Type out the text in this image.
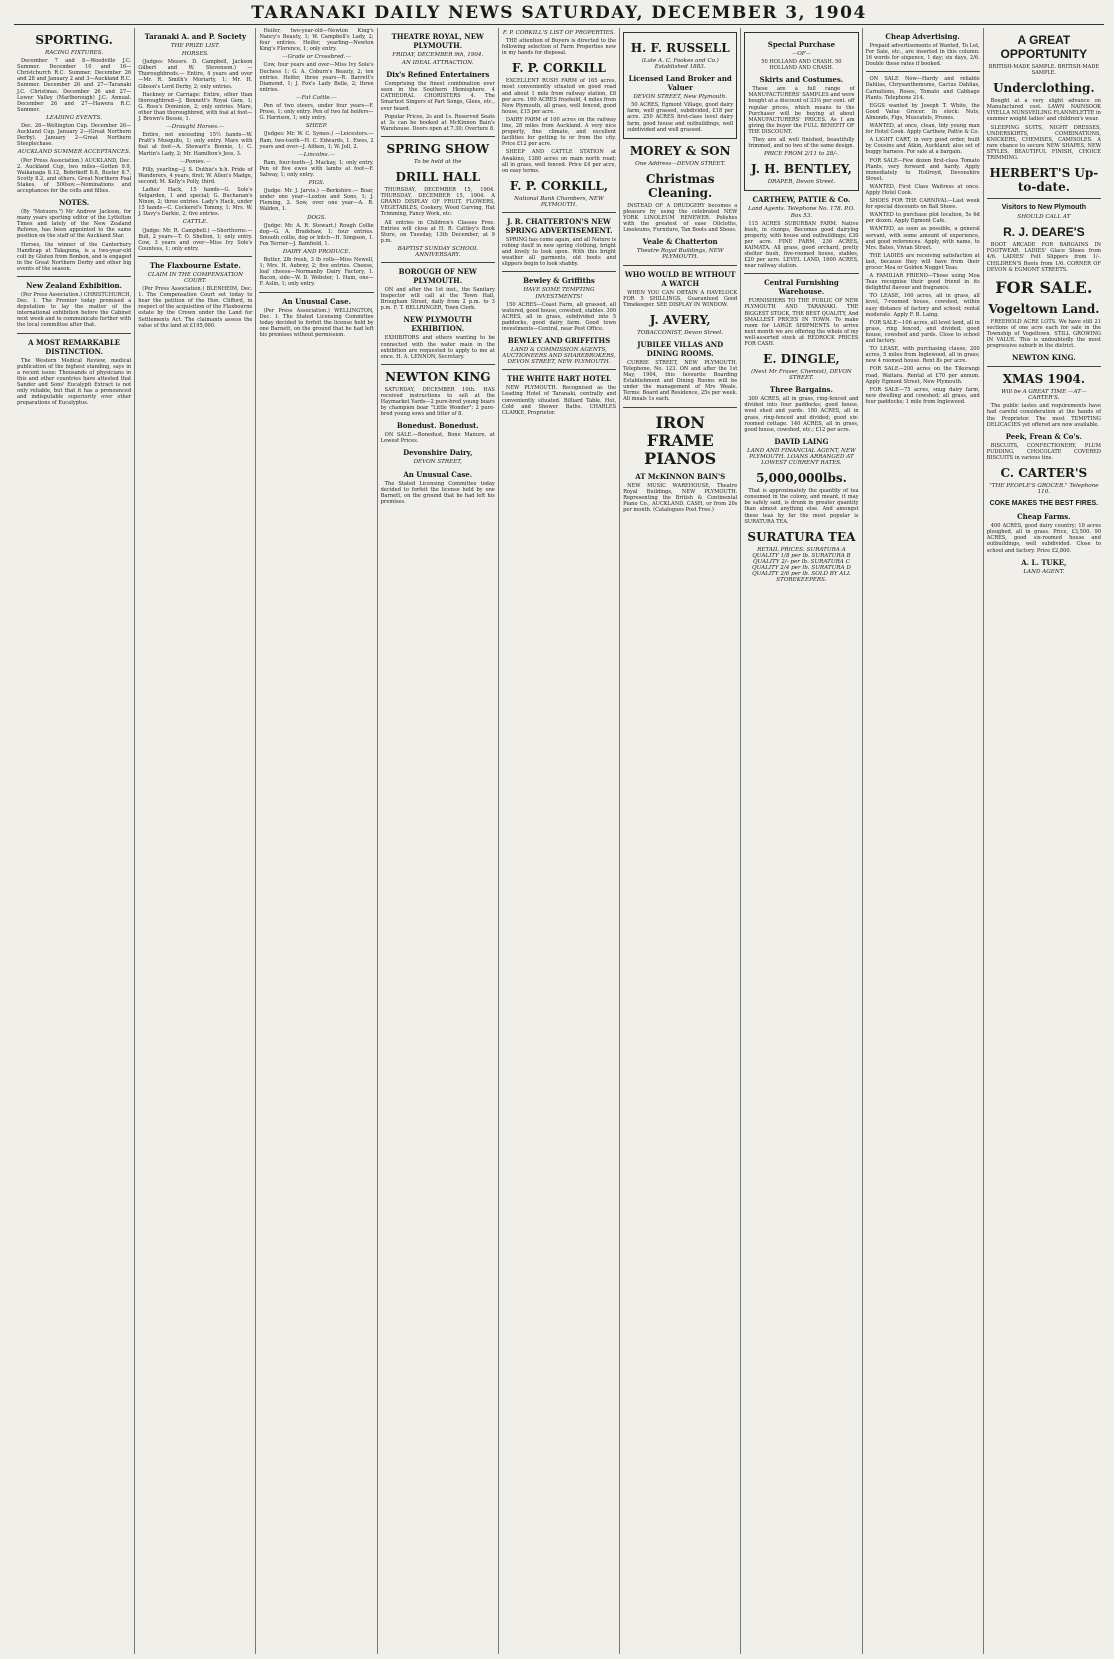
TARANAKI DAILY NEWS SATURDAY, DECEMBER 3, 1904
SPORTING.
RACING FIXTURES.

December 7 and 8—Woodville J.C. Summer. December 10 and 16—Christchurch R.C. Summer. December 26 and 28 and January 2 and 3—Auckland R.C. Summer. December 26 and 27—Taranaki J.C. Christmas. December 26 and 27—Lower Valley (Marlborough) J.C. Annual. December 26 and 27—Hawera R.C. Summer.

LEADING EVENTS.

Dec. 26—Wellington Cup. December 26—Auckland Cup. January 2—(Great Northern Derby). January 2—Great Northern Steeplechase.

AUCKLAND SUMMER ACCEPTANCES.

(Per Press Association.) AUCKLAND, Dec. 2. Auckland Cup, two miles—Gotten 9.9, Waikanaga 8.12, Bobrikoff 8.8, Buster 8.7, Scotty 8.2, and others. Great Northern Foal Stakes, of 500sov.—Nominations and acceptances for the colts and fillies.

NOTES.

(By "Motuoro.") Mr Andrew Jackson, for many years sporting editor of the Lyttelton Times and lately of the New Zealand Referee, has been appointed to the same position on the staff of the Auckland Star.

Horses, the winner of the Canterbury Handicap at Takapuna, is a two-year-old colt by Gluten from Bonbon, and is engaged in the Great Northern Derby and other big events of the season.

New Zealand Exhibition.

(Per Press Association.) CHRISTCHURCH, Dec. 1. The Premier today promised a deputation to lay the matter of the international exhibition before the Cabinet next week and to communicate further with the local committee after that.

A MOST REMARKABLE DISTINCTION.

The Western Medical Review, medical publication of the highest standing, says in a recent issue: Thousands of physicians in this and other countries have attested that Sander and Sons' Eucalypti Extract is not only reliable, but that it has a pronounced and indisputable superiority over other preparations of Eucalyptus.

Taranaki A. and P. Society
THE PRIZE LIST.
HORSES.

(Judges: Messrs. D. Campbell, Jackson Gilbert and W. Stevenson.) —Thoroughbreds.— Entire, 4 years and over—Mr. R. Smith's Moriarty, 1; Mr. H. Gibson's Lord Derby, 2; only entries.

Hackney or Carriage: Entire, other than thoroughbred—J. Bennett's Royal Gem, 1; G. Ross's Dominion, 2; only entries. Mare, other than thoroughbred, with foal at foot—J. Brown's Bessie, 1.

—Draught Horses.—

Entire, not exceeding 15½ hands—W. Pratt's Mosquito, 1; only entry. Mare with foal at foot—A. Stewart's Bonnie, 1; C. Martin's Lady, 2; Mr. Hamilton's Jess, 3.

—Ponies.—

Filly, yearling—J. S. Duthie's b.h. Pride of Wanderers, 4 years, first; W. Allen's Madge, second; M. Kelly's Polly, third.

Ladies' Hack, 15 hands—G. Sole's Selgarden, 1 and special; G. Buchanan's Ninon, 2; three entries. Lady's Hack, under 15 hands—C. Cockerel's Tommy, 1; Mrs. W. J. Davy's Darkie, 2; five entries.

CATTLE.

(Judge: Mr. R. Campbell.) —Shorthorns.— Bull, 2 years—T. O. Shelton, 1; only entry. Cow, 3 years and over—Miss Ivy Sole's Countess, 1; only entry.

The Flaxbourne Estate.
CLAIM IN THE COMPENSATION COURT.

(Per Press Association.) BLENHEIM, Dec. 1. The Compensation Court set today to hear the petition of the Hon. Clifford, in respect of the acquisition of the Flaxbourne estate by the Crown under the Land for Settlements Act. The claimants assess the value of the land at £195,000.

Heifer, two-year-old—Newton King's Nancy's Beauty, 1; W. Campbell's Lady, 2; four entries. Heifer, yearling—Newton King's Florence, 1; only entry.

—Grade or Crossbred.—

Cow, four years and over—Miss Ivy Sole's Duchess 1; G. A. Coburn's Beauty, 2; ten entries. Heifer, three years—R. Barrett's Diamond, 1; J. Fox's Lady Belle, 2; three entries.

—Fat Cattle.—

Pen of two steers, under four years—F. Prose, 1; only entry. Pen of two fat heifers—G. Harrison, 1; only entry.

SHEEP.

(Judges: Mr. W. C. Symes.) —Leicesters.— Ram, two-tooth—H. C. Edwards, 1. Ewes, 2 years and over—J. Aitken, 1; W. Joll, 2.

—Lincolns.—

Ram, four-tooth—J. Mackay, 1; only entry. Pen of five ewes with lambs at foot—F. Salway, 1; only entry.

PIGS.

(Judge: Mr. J. Jarvis.) —Berkshire.— Boar, under one year—Luxton and Sons, 1; J. Fleming, 2. Sow, over one year—A. R. Walden, 1.

DOGS.

(Judge: Mr. A. R. Stewart.) Rough Collie dog—G. A. Bradshaw, 1; four entries. Smooth collie, dog or bitch—H. Simpson, 1. Fox Terrier—J. Bamfield, 1.

DAIRY AND PRODUCE.

Butter, 2lb fresh, 3 lb rolls—Miss Newell, 1; Mrs. H. Aubrey, 2; five entries. Cheese, loaf cheese—Normanby Dairy Factory, 1. Bacon, side—W. D. Webster, 1. Ham, one—F. Aslin, 1; only entry.

An Unusual Case.

(Per Press Association.) WELLINGTON, Dec. 1. The Stated Licensing Committee today decided to forfeit the license held by one Barnett, on the ground that he had left his premises without permission.

THEATRE ROYAL, NEW PLYMOUTH.
FRIDAY, DECEMBER 9th, 1904.
AN IDEAL ATTRACTION.
Dix's Refined Entertainers

Comprising the finest combination ever seen in the Southern Hemisphere. 4 CATHEDRAL CHORISTERS 4. The Smartest Singers of Part Songs, Glees, etc., ever heard.

Popular Prices, 2s and 1s. Reserved Seats at 3s can be booked at McKinnon Bain's Warehouse. Doors open at 7.30; Overture 8.

SPRING SHOW
To be held at the
DRILL HALL

THURSDAY, DECEMBER 15, 1904. THURSDAY, DECEMBER 15, 1904. A GRAND DISPLAY OF FRUIT, FLOWERS, VEGETABLES, Cookery, Wood Carving, Hat Trimming, Fancy Work, etc.

All entries in Children's Classes Free. Entries will close at H. R. Cattley's Book Store, on Tuesday, 13th December, at 9 p.m.

BAPTIST SUNDAY SCHOOL ANNIVERSARY.
BOROUGH OF NEW PLYMOUTH.

ON and after the 1st inst., the Sanitary Inspector will call at the Town Hall, Brougham Street, daily from 2 p.m. to 3 p.m. F. T. BELLRINGER, Town Clerk.

NEW PLYMOUTH EXHIBITION.

EXHIBITORS and others wanting to be connected with the water main in the exhibition are requested to apply to me at once. H. A. LENNON, Secretary.

NEWTON KING

SATURDAY, DECEMBER 10th. HAS received instructions to sell at the Haymarket Yards—2 pure-bred young boars by champion boar "Little Wonder"; 2 pure-bred young sows and litter of 8.

Bonedust. Bonedust.

ON SALE.—Bonedust, Bone Manure, at Lowest Prices.

Devonshire Dairy,
DEVON STREET,
An Unusual Case.

The Stated Licensing Committee today decided to forfeit the license held by one Barnett, on the ground that he had left his premises.

F. P. CORKILL'S LIST OF PROPERTIES.

THE attention of Buyers is directed to the following selection of Farm Properties now in my hands for disposal.

F. P. CORKILL

EXCELLENT RUSH FARM of 165 acres, most conveniently situated on good road and about 1 mile from railway station, £8 per acre. 160 ACRES freehold, 4 miles from New Plymouth, all grass, well fenced, good house, £15 per acre.

DAIRY FARM of 100 acres on the railway line, 28 miles from Auckland. A very nice property, fine climate, and excellent facilities for getting to or from the city. Price £12 per acre.

SHEEP AND CATTLE STATION at Awakino, 1380 acres on main north road; all in grass, well fenced. Price £4 per acre, on easy terms.

F. P. CORKILL,
National Bank Chambers, NEW PLYMOUTH.
J. R. CHATTERTON'S NEW SPRING ADVERTISEMENT.

SPRING has come again, and all Nature is robing itself in new spring clothing, bright and lovely to look upon. With this bright weather all garments, old boots and slippers begin to look shabby.

Bewley & Griffiths
HAVE SOME TEMPTING INVESTMENTS!

150 ACRES—Coast Farm, all grassed, all watered, good house, cowshed, stables. 300 ACRES, all in grass, subdivided into 5 paddocks, good dairy farm. Good town investments—Central, near Post Office.

BEWLEY AND GRIFFITHS
LAND & COMMISSION AGENTS, AUCTIONEERS AND SHAREBROKERS, DEVON STREET, NEW PLYMOUTH.
THE WHITE HART HOTEL

NEW PLYMOUTH. Recognised as the Leading Hotel of Taranaki, centrally and conveniently situated. Billiard Table. Hot, Cold and Shower Baths. CHARLES CLARKE, Proprietor.

H. F. RUSSELL
(Late A. C. Fookes and Co.) Established 1883.
Licensed Land Broker and Valuer
DEVON STREET, New Plymouth.

50 ACRES, Egmont Village, good dairy farm, well grassed, subdivided, £18 per acre. 250 ACRES first-class level dairy farm, good house and outbuildings, well subdivided and well grassed.

MOREY & SON
One Address—DEVON STREET.
Christmas Cleaning.

INSTEAD OF A DRUDGERY becomes a pleasure by using the celebrated NEW YORK LINOLEUM RENEWER. Polishes with the greatest of ease Oilcloths, Linoleums, Furniture, Tan Boots and Shoes.

Veale & Chatterton
Theatre Royal Buildings, NEW PLYMOUTH.
WHO WOULD BE WITHOUT A WATCH

WHEN YOU CAN OBTAIN A HAVELOCK FOR 5 SHILLINGS, Guaranteed Good Timekeeper. SEE DISPLAY IN WINDOW.

J. AVERY,
TOBACCONIST, Devon Street.
JUBILEE VILLAS AND DINING ROOMS.

CURRIE STREET, NEW PLYMOUTH. Telephone, No. 123. ON and after the 1st May, 1904, this favourite Boarding Establishment and Dining Rooms will be under the management of Mrs Weale. Terms: Board and Residence, 25s per week. All meals 1s each.

IRON FRAME PIANOS
AT McKINNON BAIN'S

NEW MUSIC WAREHOUSE, Theatre Royal Buildings, NEW PLYMOUTH. Representing the British & Continental Piano Co., AUCKLAND. CASH, or from 20s per month. (Catalogues Post Free.)

Special Purchase
—OF—

50 HOLLAND AND CRASH. 50 HOLLAND AND CRASH.

Skirts and Costumes.

These are a full range of MANUFACTURERS' SAMPLES and were bought at a discount of 33⅓ per cent. off regular prices, which means to the Purchaser will be buying at about MANUFACTURERS' PRICES. As I am giving the buyer the FULL BENEFIT OF THE DISCOUNT.

They are all well finished, beautifully trimmed, and no two of the same design.

PRICE FROM 2/11 to 28/-.
J. H. BENTLEY,
DRAPER, Devon Street.
CARTHEW, PATTIE & Co.
Land Agents. Telephone No. 178. P.O. Box 53.

115 ACRES SUBURBAN FARM. Native bush, in clumps, Becomes good dairying property, with house and outbuildings; £30 per acre. FINE FARM, 236 ACRES, KAIMATA. All grass, good orchard, pretty shelter bush, five-roomed house, stables, £20 per acre. LEVEL LAND, 1600 ACRES, near railway station.

Central Furnishing Warehouse.

FURNISHERS TO THE PUBLIC OF NEW PLYMOUTH AND TARANAKI. THE BIGGEST STOCK, THE BEST QUALITY, And SMALLEST PRICES IN TOWN. To make room for LARGE SHIPMENTS to arrive next month we are offering the whole of my well-assorted stock at REDROCK PRICES FOR CASH.

E. DINGLE,
(Next Mr Fraser, Chemist), DEVON STREET.
Three Bargains.

300 ACRES, all in grass, ring-fenced and divided into four paddocks; good house, wool shed and yards. 180 ACRES, all in grass, ring-fenced and divided; good six-roomed cottage. 140 ACRES, all in grass, good house, cowshed, etc.; £12 per acre.

DAVID LAING
LAND AND FINANCIAL AGENT, NEW PLYMOUTH. LOANS ARRANGED AT LOWEST CURRENT RATES.
5,000,000lbs.

That is approximately the quantity of tea consumed in the colony, and meant, it may be safely said, is drunk in greater quantity than almost anything else. And amongst these teas by far the most popular is SURATURA TEA.

SURATURA TEA
RETAIL PRICES: SURATURA A QUALITY 1/8 per lb. SURATURA B QUALITY 2/- per lb. SURATURA C QUALITY 2/4 per lb. SURATURA D QUALITY 2/6 per lb. SOLD BY ALL STOREKEEPERS.
Cheap Advertising.

Prepaid advertisements of Wanted, To Let, For Sale, etc., are inserted in this column: 16 words for sixpence, 1 day; six days, 2/6. Double these rates if booked.

ON SALE Now—Hardy and reliable Dahlias, Chrysanthemums, Cactus Dahlias, Carnations, Roses, Tomato and Cabbage Plants. Telephone 214.

EGGS wanted by Joseph T. White, the Good Value Grocer. In stock: Nuts, Almonds, Figs, Muscatels, Prunes.

WANTED, at once, clean, tidy young man for Hotel Cook. Apply Carthew, Pattie & Co.

A LIGHT CART, in very good order, built by Cousins and Atkin, Auckland; also set of buggy harness. For sale at a bargain.

FOR SALE—Few dozen first-class Tomato Plants, very forward and hardy. Apply immediately to Hollroyd, Devonshire Street.

WANTED, First Class Waitress at once. Apply Hotel Cook.

SHOES FOR THE CARNIVAL—Last week for special discounts on Ball Shoes.

WANTED to purchase plot location, 5s 6d per dozen. Apply Egmont Cafe.

WANTED, as soon as possible, a general servant, with some amount of experience, and good references. Apply, with name, to Mrs. Bates, Vivian Street.

THE LADIES are receiving satisfaction at last, because they will have from their grocer Moa or Golden Nugget Teas.

A FAMILIAR FRIEND—Those using Moa Teas recognise their good friend in its delightful flavour and fragrance.

TO LEASE, 160 acres, all in grass, all level, 7-roomed house, cowshed, within easy distance of factory and school; rental moderate. Apply F. B. Laing.

FOR SALE—106 acres, all level land, all in grass, ring fenced, and divided; good house, cowshed and yards. Close to school and factory.

TO LEASE, with purchasing clause, 200 acres, 5 miles from Inglewood, all in grass; new 4 roomed house. Rent 8s per acre.

FOR SALE—200 acres on the Tikorangi road, Waitara. Rental at £70 per annum. Apply Egmont Street, New Plymouth.

FOR SALE—75 acres, snug dairy farm, new dwelling and cowshed; all grass, and four paddocks; 1 mile from Inglewood.

A GREAT OPPORTUNITY

BRITISH-MADE SAMPLE. BRITISH-MADE SAMPLE.

Underclothing.

Bought at a very slight advance on Manufactured cost. LAWN NAINSOOK VIYELLA NUNSVEILING FLANNELETTE in summer weight ladies' and children's wear.

SLEEPING SUITS, NIGHT DRESSES, UNDERSKIRTS, COMBINATIONS, KNICKERS, CHEMISES, CAMISOLES. A rare chance to secure NEW SHAPES, NEW STYLES, BEAUTIFUL FINISH, CHOICE TRIMMING.

HERBERT'S Up-to-date.
Visitors to New Plymouth
SHOULD CALL AT
R. J. DEARE'S

BOOT ARCADE FOR BARGAINS IN FOOTWEAR. LADIES' Glace Shoes from 4/6. LADIES' Felt Slippers from 1/-. CHILDREN'S Boots from 1/6. CORNER OF DEVON & EGMONT STREETS.

FOR SALE.
Vogeltown Land.

FREEHOLD ACRE LOTS. We have still 21 sections of one acre each for sale in the Township of Vogeltown. STILL GROWING IN VALUE. This is undoubtedly the most progressive suburb in the district.

NEWTON KING.
XMAS 1904.
Will be A GREAT TIME —AT— CARTER'S.

The public tastes and requirements have had careful consideration at the hands of the Proprietor. The most TEMPTING DELICACIES yet offered are now available.

Peek, Frean & Co's.

BISCUITS, CONFECTIONERY, PLUM PUDDING, CHOCOLATE COVERED BISCUITS in various tins.

C. CARTER'S
"THE PEOPLE'S GROCER." Telephone 110.
COKE MAKES THE BEST FIRES.
Cheap Farms.

400 ACRES, good dairy country; 10 acres ploughed, all in grass. Price, £3,500. 90 ACRES, good six-roomed house and outbuildings, well subdivided. Close to school and factory. Price £2,800.

A. L. TUKE,
LAND AGENT.
